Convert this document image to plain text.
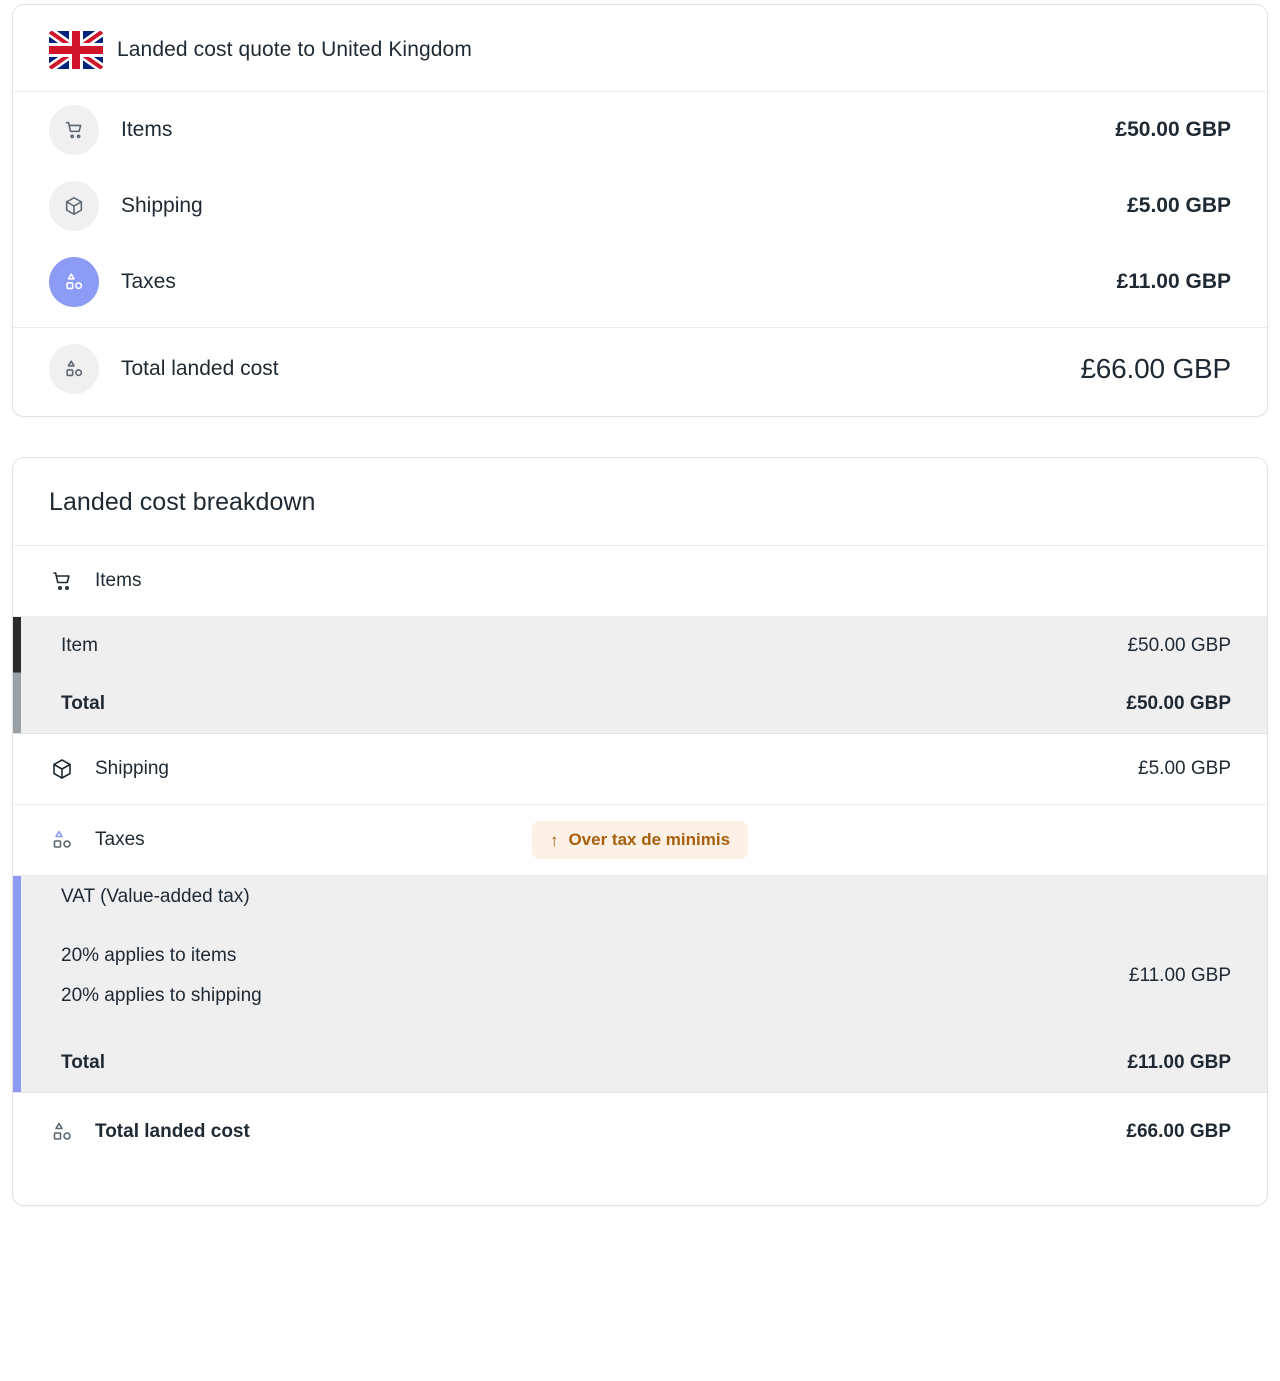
Landed cost quote to United Kingdom
Items	£50.00 GBP
Shipping	£5.00 GBP
Taxes	£11.00 GBP
Total landed cost	£66.00 GBP
Landed cost breakdown
Items
Item	£50.00 GBP
Total	£50.00 GBP
Shipping	£5.00 GBP
Taxes	↑ Over tax de minimis
VAT (Value-added tax)
20% applies to items
20% applies to shipping
£11.00 GBP
Total	£11.00 GBP
Total landed cost	£66.00 GBP
